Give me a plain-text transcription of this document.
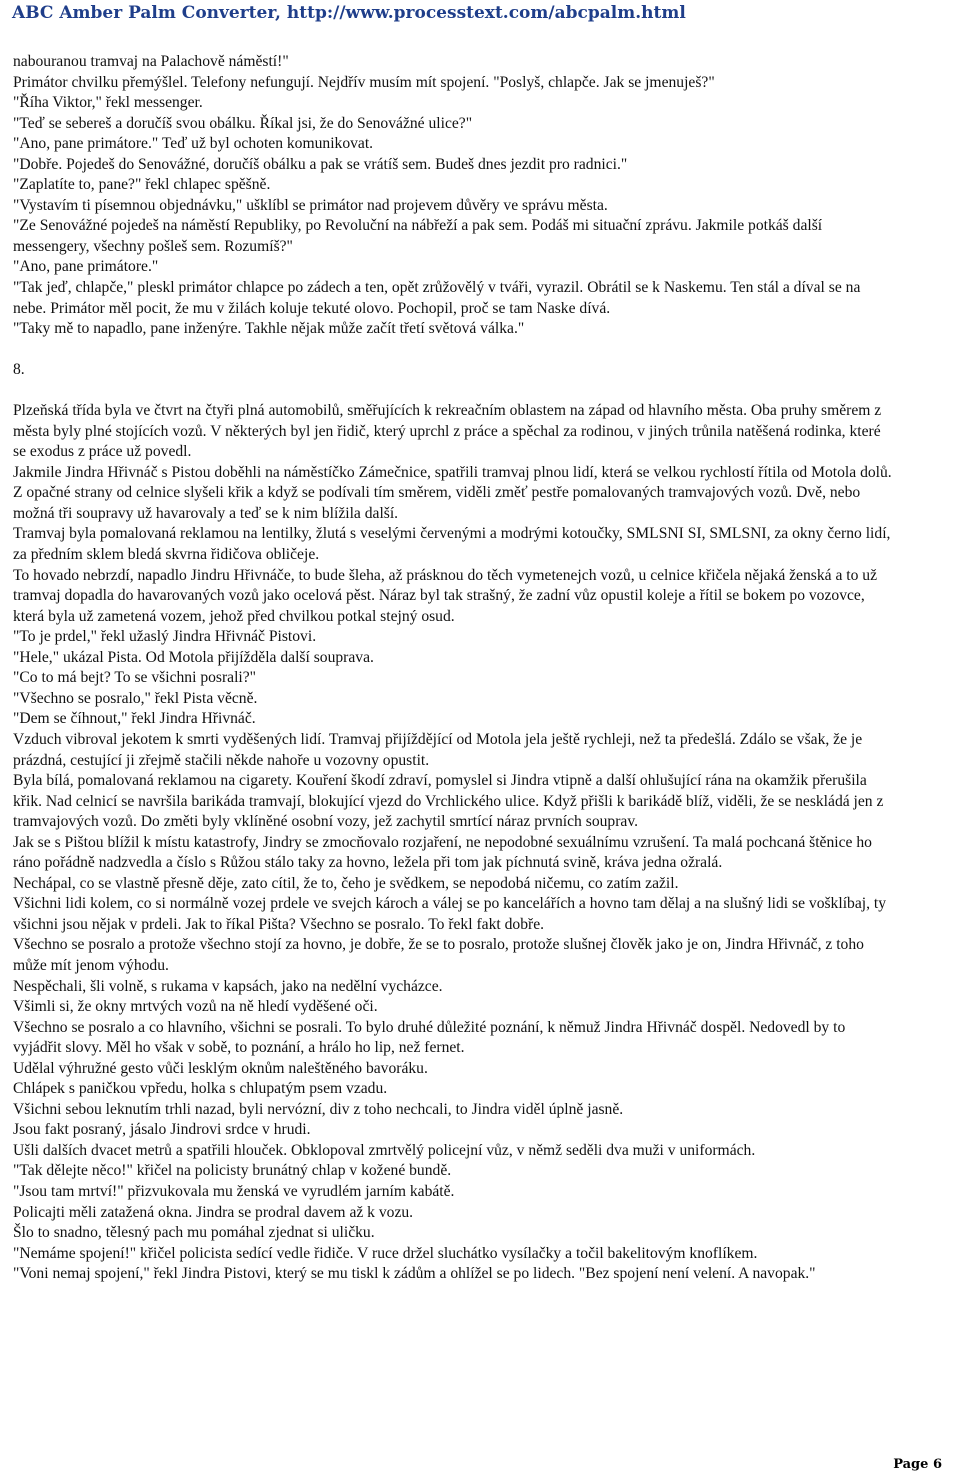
ABC Amber Palm Converter, http://www.processtext.com/abcpalm.html

nabouranou tramvaj na Palachově náměstí!"

Primátor chvilku přemýšlel. Telefony nefungují. Nejdřív musím mít spojení. "Poslyš, chlapče. Jak se jmenuješ?"

"Říha Viktor," řekl messenger.

"Teď se sebereš a doručíš svou obálku. Říkal jsi, že do Senovážné ulice?"

"Ano, pane primátore." Teď už byl ochoten komunikovat.

"Dobře. Pojedeš do Senovážné, doručíš obálku a pak se vrátíš sem. Budeš dnes jezdit pro radnici."

"Zaplatíte to, pane?" řekl chlapec spěšně.

"Vystavím ti písemnou objednávku," ušklíbl se primátor nad projevem důvěry ve správu města.

"Ze Senovážné pojedeš na náměstí Republiky, po Revoluční na nábřeží a pak sem. Podáš mi situační zprávu. Jakmile potkáš další messengery, všechny pošleš sem. Rozumíš?"

"Ano, pane primátore."

"Tak jeď, chlapče," pleskl primátor chlapce po zádech a ten, opět zrůžovělý v tváři, vyrazil. Obrátil se k Naskemu. Ten stál a díval se na nebe. Primátor měl pocit, že mu v žilách koluje tekuté olovo. Pochopil, proč se tam Naske dívá.

"Taky mě to napadlo, pane inženýre. Takhle nějak může začít třetí světová válka."

8.

Plzeňská třída byla ve čtvrt na čtyři plná automobilů, směřujících k rekreačním oblastem na západ od hlavního města. Oba pruhy směrem z města byly plné stojících vozů. V některých byl jen řidič, který uprchl z práce a spěchal za rodinou, v jiných trůnila natěšená rodinka, které se exodus z práce už povedl.

Jakmile Jindra Hřivnáč s Pistou doběhli na náměstíčko Zámečnice, spatřili tramvaj plnou lidí, která se velkou rychlostí řítila od Motola dolů.

Z opačné strany od celnice slyšeli křik a když se podívali tím směrem, viděli změť pestře pomalovaných tramvajových vozů. Dvě, nebo možná tři soupravy už havarovaly a teď se k nim blížila další.

Tramvaj byla pomalovaná reklamou na lentilky, žlutá s veselými červenými a modrými kotoučky, SMLSNI SI, SMLSNI, za okny černo lidí, za předním sklem bledá skvrna řidičova obličeje.

To hovado nebrzdí, napadlo Jindru Hřivnáče, to bude šleha, až prásknou do těch vymetenejch vozů, u celnice křičela nějaká ženská a to už tramvaj dopadla do havarovaných vozů jako ocelová pěst. Náraz byl tak strašný, že zadní vůz opustil koleje a řítil se bokem po vozovce, která byla už zametená vozem, jehož před chvilkou potkal stejný osud.

"To je prdel," řekl užaslý Jindra Hřivnáč Pistovi.

"Hele," ukázal Pista. Od Motola přijížděla další souprava.

"Co to má bejt? To se všichni posrali?"

"Všechno se posralo," řekl Pista věcně.

"Dem se číhnout," řekl Jindra Hřivnáč.

Vzduch vibroval jekotem k smrti vyděšených lidí. Tramvaj přijíždějící od Motola jela ještě rychleji, než ta předešlá. Zdálo se však, že je prázdná, cestující ji zřejmě stačili někde nahoře u vozovny opustit.

Byla bílá, pomalovaná reklamou na cigarety. Kouření škodí zdraví, pomyslel si Jindra vtipně a další ohlušující rána na okamžik přerušila křik. Nad celnicí se navršila barikáda tramvají, blokující vjezd do Vrchlického ulice. Když přišli k barikádě blíž, viděli, že se neskládá jen z tramvajových vozů. Do změti byly vklíněné osobní vozy, jež zachytil smrtící náraz prvních souprav.

Jak se s Pištou blížil k místu katastrofy, Jindry se zmocňovalo rozjaření, ne nepodobné sexuálnímu vzrušení. Ta malá pochcaná štěnice ho ráno pořádně nadzvedla a číslo s Růžou stálo taky za hovno, ležela při tom jak píchnutá svině, kráva jedna ožralá.

Nechápal, co se vlastně přesně děje, zato cítil, že to, čeho je svědkem, se nepodobá ničemu, co zatím zažil.

Všichni lidi kolem, co si normálně vozej prdele ve svejch károch a válej se po kancelářích a hovno tam dělaj a na slušný lidi se vošklíbaj, ty všichni jsou nějak v prdeli. Jak to říkal Pišta? Všechno se posralo. To řekl fakt dobře.

Všechno se posralo a protože všechno stojí za hovno, je dobře, že se to posralo, protože slušnej člověk jako je on, Jindra Hřivnáč, z toho může mít jenom výhodu.

Nespěchali, šli volně, s rukama v kapsách, jako na nedělní vycházce.

Všimli si, že okny mrtvých vozů na ně hledí vyděšené oči.

Všechno se posralo a co hlavního, všichni se posrali. To bylo druhé důležité poznání, k němuž Jindra Hřivnáč dospěl. Nedovedl by to vyjádřit slovy. Měl ho však v sobě, to poznání, a hrálo ho lip, než fernet.

Udělal výhružné gesto vůči lesklým oknům naleštěného bavoráku.

Chlápek s paničkou vpředu, holka s chlupatým psem vzadu.

Všichni sebou leknutím trhli nazad, byli nervózní, div z toho nechcali, to Jindra viděl úplně jasně.

Jsou fakt posraný, jásalo Jindrovi srdce v hrudi.

Ušli dalších dvacet metrů a spatřili hlouček. Obklopoval zmrtvělý policejní vůz, v němž seděli dva muži v uniformách.

"Tak dělejte něco!" křičel na policisty brunátný chlap v kožené bundě.

"Jsou tam mrtví!" přizvukovala mu ženská ve vyrudlém jarním kabátě.

Policajti měli zatažená okna. Jindra se prodral davem až k vozu.

Šlo to snadno, tělesný pach mu pomáhal zjednat si uličku.

"Nemáme spojení!" křičel policista sedící vedle řidiče. V ruce držel sluchátko vysílačky a točil bakelitovým knoflíkem.

"Voni nemaj spojení," řekl Jindra Pistovi, který se mu tiskl k zádům a ohlížel se po lidech. "Bez spojení není velení. A navopak."

Page 6
